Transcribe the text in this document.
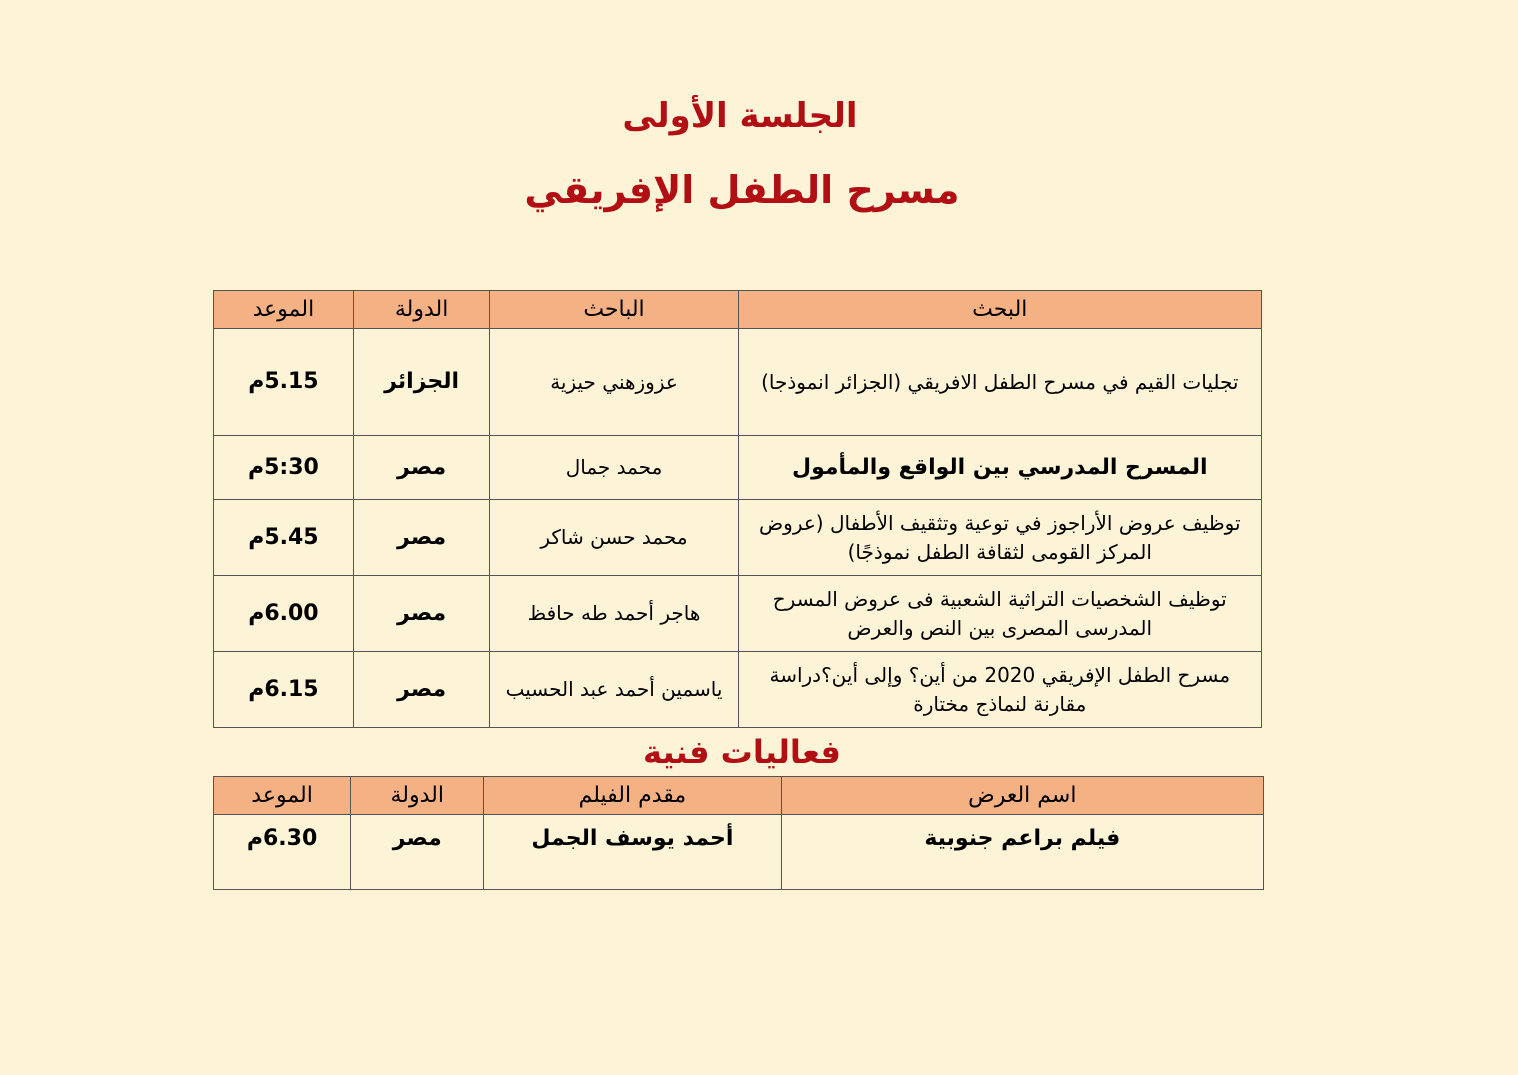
الجلسة الأولى
مسرح الطفل الإفريقي
البحث	الباحث	الدولة	الموعد
تجليات القيم في مسرح الطفل الافريقي (الجزائر انموذجا)	عزوزهني حيزية	الجزائر	5.15م
المسرح المدرسي بين الواقع والمأمول	محمد جمال	مصر	5:30م
توظيف عروض الأراجوز في توعية وتثقيف الأطفال (عروض المركز القومى لثقافة الطفل نموذجًا)	محمد حسن شاكر	مصر	5.45م
توظيف الشخصيات التراثية الشعبية فى عروض المسرح المدرسى المصرى بين النص والعرض	هاجر أحمد طه حافظ	مصر	6.00م
مسرح الطفل الإفريقي 2020 من أين؟ وإلى أين؟دراسة مقارنة لنماذج مختارة	ياسمين أحمد عبد الحسيب	مصر	6.15م
فعاليات فنية
اسم العرض	مقدم الفيلم	الدولة	الموعد
فيلم براعم جنوبية	أحمد يوسف الجمل	مصر	6.30م
